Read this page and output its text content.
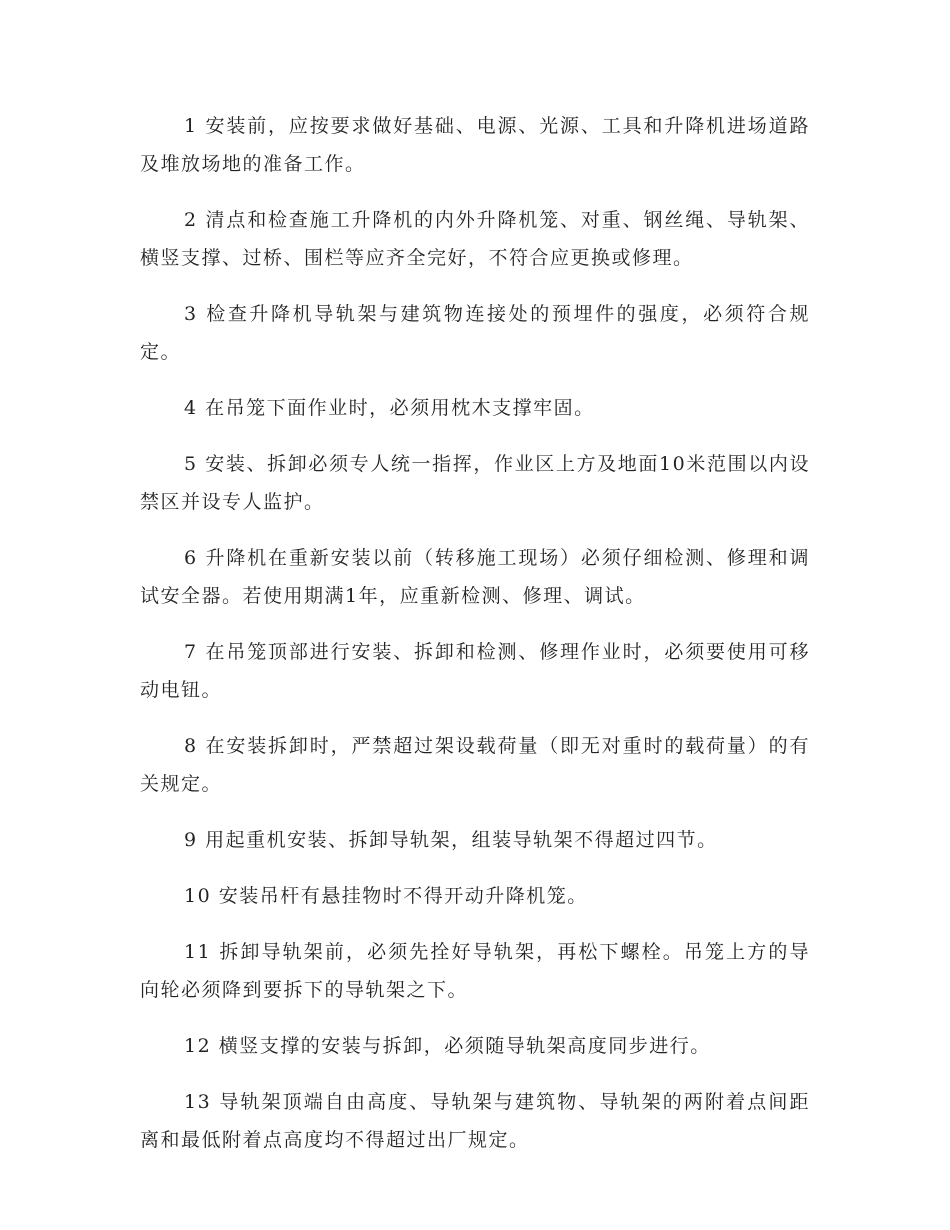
1 安装前，应按要求做好基础、电源、光源、工具和升降机进场道路及堆放场地的准备工作。

2 清点和检查施工升降机的内外升降机笼、对重、钢丝绳、导轨架、横竖支撑、过桥、围栏等应齐全完好，不符合应更换或修理。

3 检查升降机导轨架与建筑物连接处的预埋件的强度，必须符合规定。

4 在吊笼下面作业时，必须用枕木支撑牢固。

5 安装、拆卸必须专人统一指挥，作业区上方及地面10米范围以内设禁区并设专人监护。

6 升降机在重新安装以前（转移施工现场）必须仔细检测、修理和调试安全器。若使用期满1年，应重新检测、修理、调试。

7 在吊笼顶部进行安装、拆卸和检测、修理作业时，必须要使用可移动电钮。

8 在安装拆卸时，严禁超过架设载荷量（即无对重时的载荷量）的有关规定。

9 用起重机安装、拆卸导轨架，组装导轨架不得超过四节。

10 安装吊杆有悬挂物时不得开动升降机笼。

11 拆卸导轨架前，必须先拴好导轨架，再松下螺栓。吊笼上方的导向轮必须降到要拆下的导轨架之下。

12 横竖支撑的安装与拆卸，必须随导轨架高度同步进行。

13 导轨架顶端自由高度、导轨架与建筑物、导轨架的两附着点间距离和最低附着点高度均不得超过出厂规定。
